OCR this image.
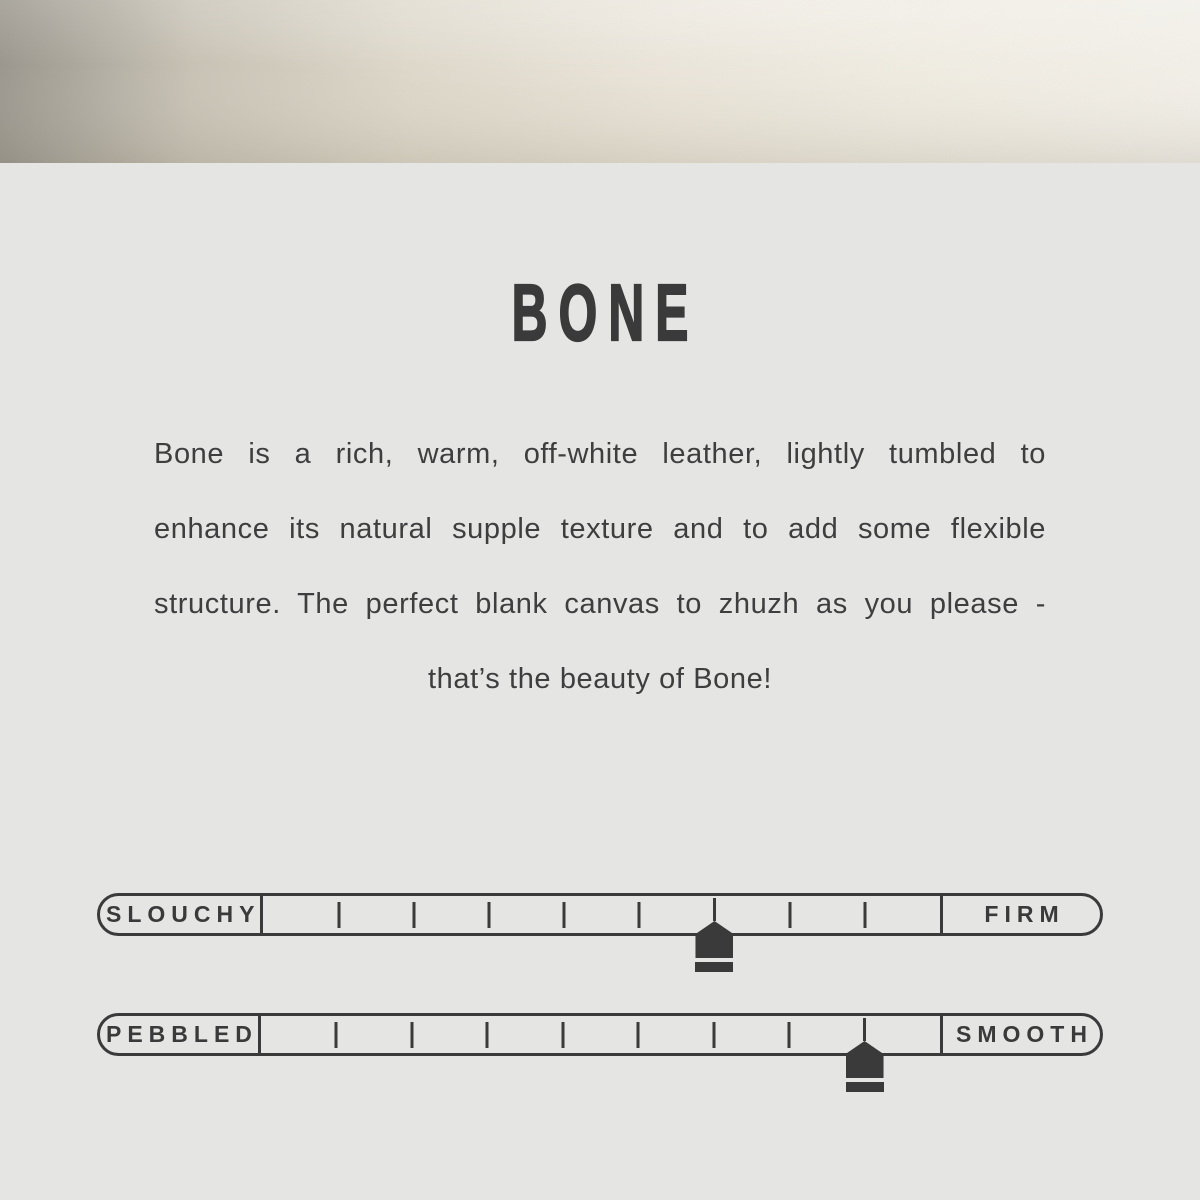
BONE
Bone is a rich, warm, off-white leather, lightly tumbled to
enhance its natural supple texture and to add some flexible
structure. The perfect blank canvas to zhuzh as you please -
that’s the beauty of Bone!
SLOUCHY	FIRM
PEBBLED	SMOOTH
